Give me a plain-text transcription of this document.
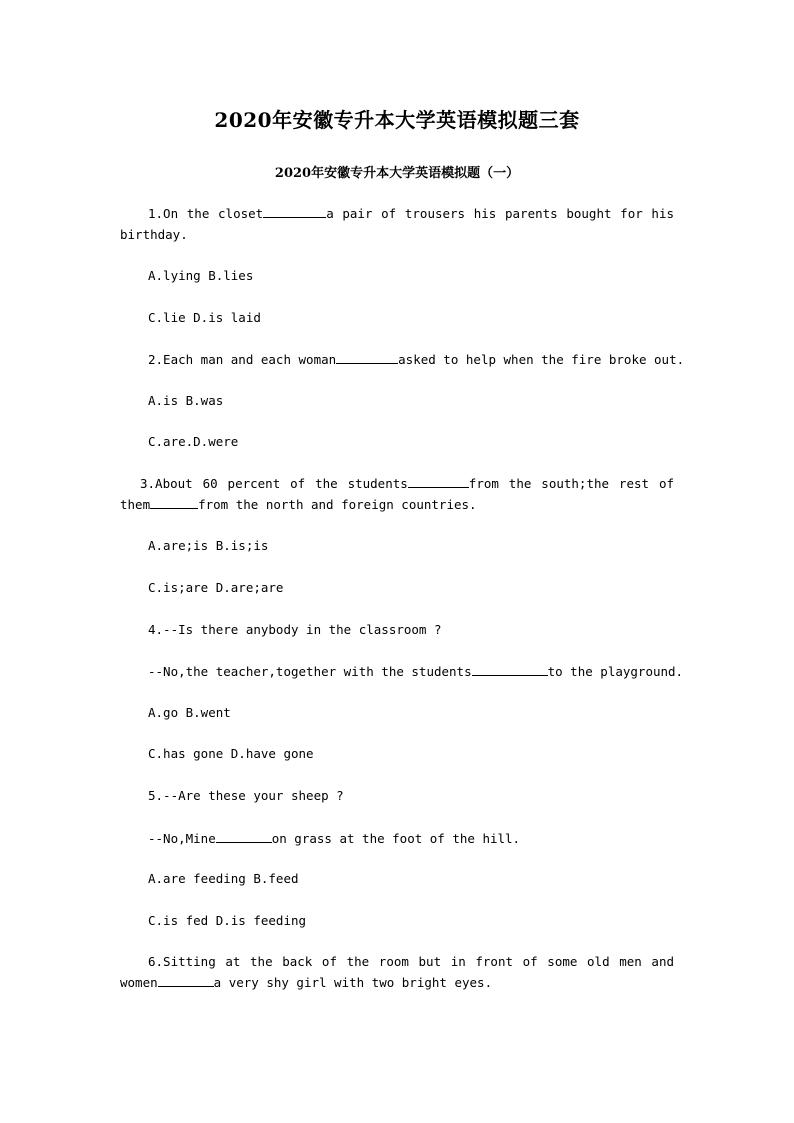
2020年安徽专升本大学英语模拟题三套
2020年安徽专升本大学英语模拟题（一）
1.On the closet	a pair of trousers his parents bought for his
birthday.
A.lying B.lies
C.lie D.is laid
2.Each man and each woman	asked to help when the fire broke out.
A.is B.was
C.are.D.were
3.About 60 percent of the students	from the south;the rest of
them	from the north and foreign countries.
A.are;is B.is;is
C.is;are D.are;are
4.--Is there anybody in the classroom ?
--No,the teacher,together with the students	to the playground.
A.go B.went
C.has gone D.have gone
5.--Are these your sheep ?
--No,Mine	on grass at the foot of the hill.
A.are feeding B.feed
C.is fed D.is feeding
6.Sitting at the back of the room but in front of some old men and
women	a very shy girl with two bright eyes.
